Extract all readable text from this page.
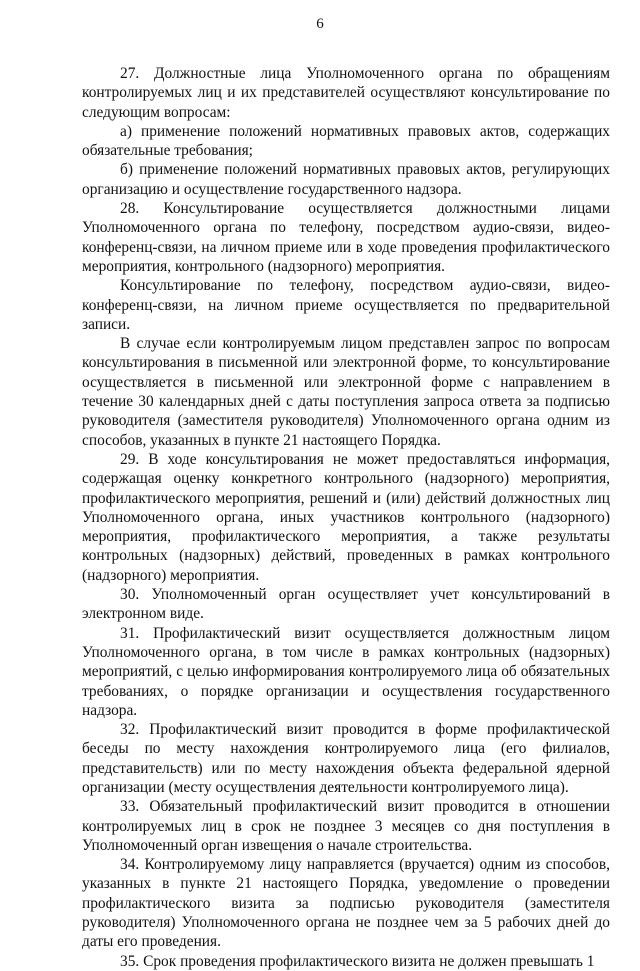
6

27. Должностные лица Уполномоченного органа по обращениям контролируемых лиц и их представителей осуществляют консультирование по следующим вопросам:

а) применение положений нормативных правовых актов, содержащих обязательные требования;

б) применение положений нормативных правовых актов, регулирующих организацию и осуществление государственного надзора.

28. Консультирование осуществляется должностными лицами Уполномоченного органа по телефону, посредством аудио-связи, видео-конференц-связи, на личном приеме или в ходе проведения профилактического мероприятия, контрольного (надзорного) мероприятия.

Консультирование по телефону, посредством аудио-связи, видео-конференц-связи, на личном приеме осуществляется по предварительной записи.

В случае если контролируемым лицом представлен запрос по вопросам консультирования в письменной или электронной форме, то консультирование осуществляется в письменной или электронной форме с направлением в течение 30 календарных дней с даты поступления запроса ответа за подписью руководителя (заместителя руководителя) Уполномоченного органа одним из способов, указанных в пункте 21 настоящего Порядка.

29. В ходе консультирования не может предоставляться информация, содержащая оценку конкретного контрольного (надзорного) мероприятия, профилактического мероприятия, решений и (или) действий должностных лиц Уполномоченного органа, иных участников контрольного (надзорного) мероприятия, профилактического мероприятия, а также результаты контрольных (надзорных) действий, проведенных в рамках контрольного (надзорного) мероприятия.

30. Уполномоченный орган осуществляет учет консультирований в электронном виде.

31. Профилактический визит осуществляется должностным лицом Уполномоченного органа, в том числе в рамках контрольных (надзорных) мероприятий, с целью информирования контролируемого лица об обязательных требованиях, о порядке организации и осуществления государственного надзора.

32. Профилактический визит проводится в форме профилактической беседы по месту нахождения контролируемого лица (его филиалов, представительств) или по месту нахождения объекта федеральной ядерной организации (месту осуществления деятельности контролируемого лица).

33. Обязательный профилактический визит проводится в отношении контролируемых лиц в срок не позднее 3 месяцев со дня поступления в Уполномоченный орган извещения о начале строительства.

34. Контролируемому лицу направляется (вручается) одним из способов, указанных в пункте 21 настоящего Порядка, уведомление о проведении профилактического визита за подписью руководителя (заместителя руководителя) Уполномоченного органа не позднее чем за 5 рабочих дней до даты его проведения.

35. Срок проведения профилактического визита не должен превышать 1
